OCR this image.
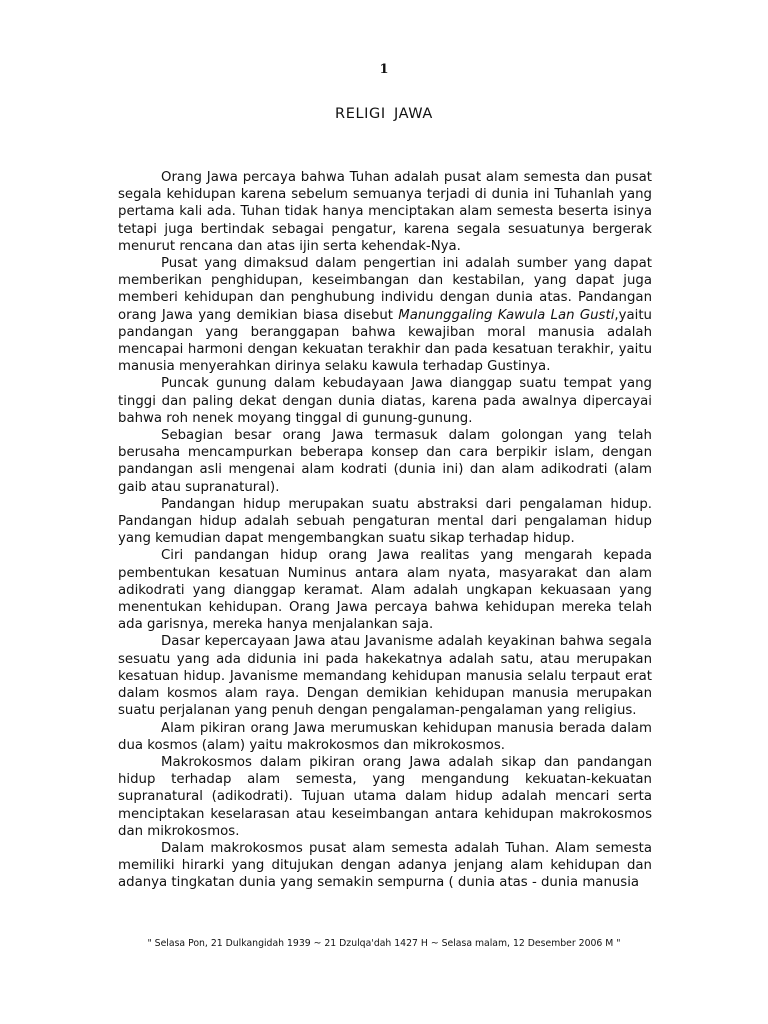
1
RELIGI JAWA

Orang Jawa percaya bahwa Tuhan adalah pusat alam semesta dan pusat segala kehidupan karena sebelum semuanya terjadi di dunia ini Tuhanlah yang pertama kali ada. Tuhan tidak hanya menciptakan alam semesta beserta isinya tetapi juga bertindak sebagai pengatur, karena segala sesuatunya bergerak menurut rencana dan atas ijin serta kehendak-Nya.

Pusat yang dimaksud dalam pengertian ini adalah sumber yang dapat memberikan penghidupan, keseimbangan dan kestabilan, yang dapat juga memberi kehidupan dan penghubung individu dengan dunia atas. Pandangan orang Jawa yang demikian biasa disebut Manunggaling Kawula Lan Gusti,yaitu pandangan yang beranggapan bahwa kewajiban moral manusia adalah mencapai harmoni dengan kekuatan terakhir dan pada kesatuan terakhir, yaitu manusia menyerahkan dirinya selaku kawula terhadap Gustinya.

Puncak gunung dalam kebudayaan Jawa dianggap suatu tempat yang tinggi dan paling dekat dengan dunia diatas, karena pada awalnya dipercayai bahwa roh nenek moyang tinggal di gunung-gunung.

Sebagian besar orang Jawa termasuk dalam golongan yang telah berusaha mencampurkan beberapa konsep dan cara berpikir islam, dengan pandangan asli mengenai alam kodrati (dunia ini) dan alam adikodrati (alam gaib atau supranatural).

Pandangan hidup merupakan suatu abstraksi dari pengalaman hidup. Pandangan hidup adalah sebuah pengaturan mental dari pengalaman hidup yang kemudian dapat mengembangkan suatu sikap terhadap hidup.

Ciri pandangan hidup orang Jawa realitas yang mengarah kepada pembentukan kesatuan Numinus antara alam nyata, masyarakat dan alam adikodrati yang dianggap keramat. Alam adalah ungkapan kekuasaan yang menentukan kehidupan. Orang Jawa percaya bahwa kehidupan mereka telah ada garisnya, mereka hanya menjalankan saja.

Dasar kepercayaan Jawa atau Javanisme adalah keyakinan bahwa segala sesuatu yang ada didunia ini pada hakekatnya adalah satu, atau merupakan kesatuan hidup. Javanisme memandang kehidupan manusia selalu terpaut erat dalam kosmos alam raya. Dengan demikian kehidupan manusia merupakan suatu perjalanan yang penuh dengan pengalaman-pengalaman yang religius.

Alam pikiran orang Jawa merumuskan kehidupan manusia berada dalam dua kosmos (alam) yaitu makrokosmos dan mikrokosmos.

Makrokosmos dalam pikiran orang Jawa adalah sikap dan pandangan hidup terhadap alam semesta, yang mengandung kekuatan-kekuatan supranatural (adikodrati). Tujuan utama dalam hidup adalah mencari serta menciptakan keselarasan atau keseimbangan antara kehidupan makrokosmos dan mikrokosmos.

Dalam makrokosmos pusat alam semesta adalah Tuhan. Alam semesta memiliki hirarki yang ditujukan dengan adanya jenjang alam kehidupan dan adanya tingkatan dunia yang semakin sempurna ( dunia atas - dunia manusia

" Selasa Pon, 21 Dulkangidah 1939 ~ 21 Dzulqa'dah 1427 H ~ Selasa malam, 12 Desember 2006 M "
